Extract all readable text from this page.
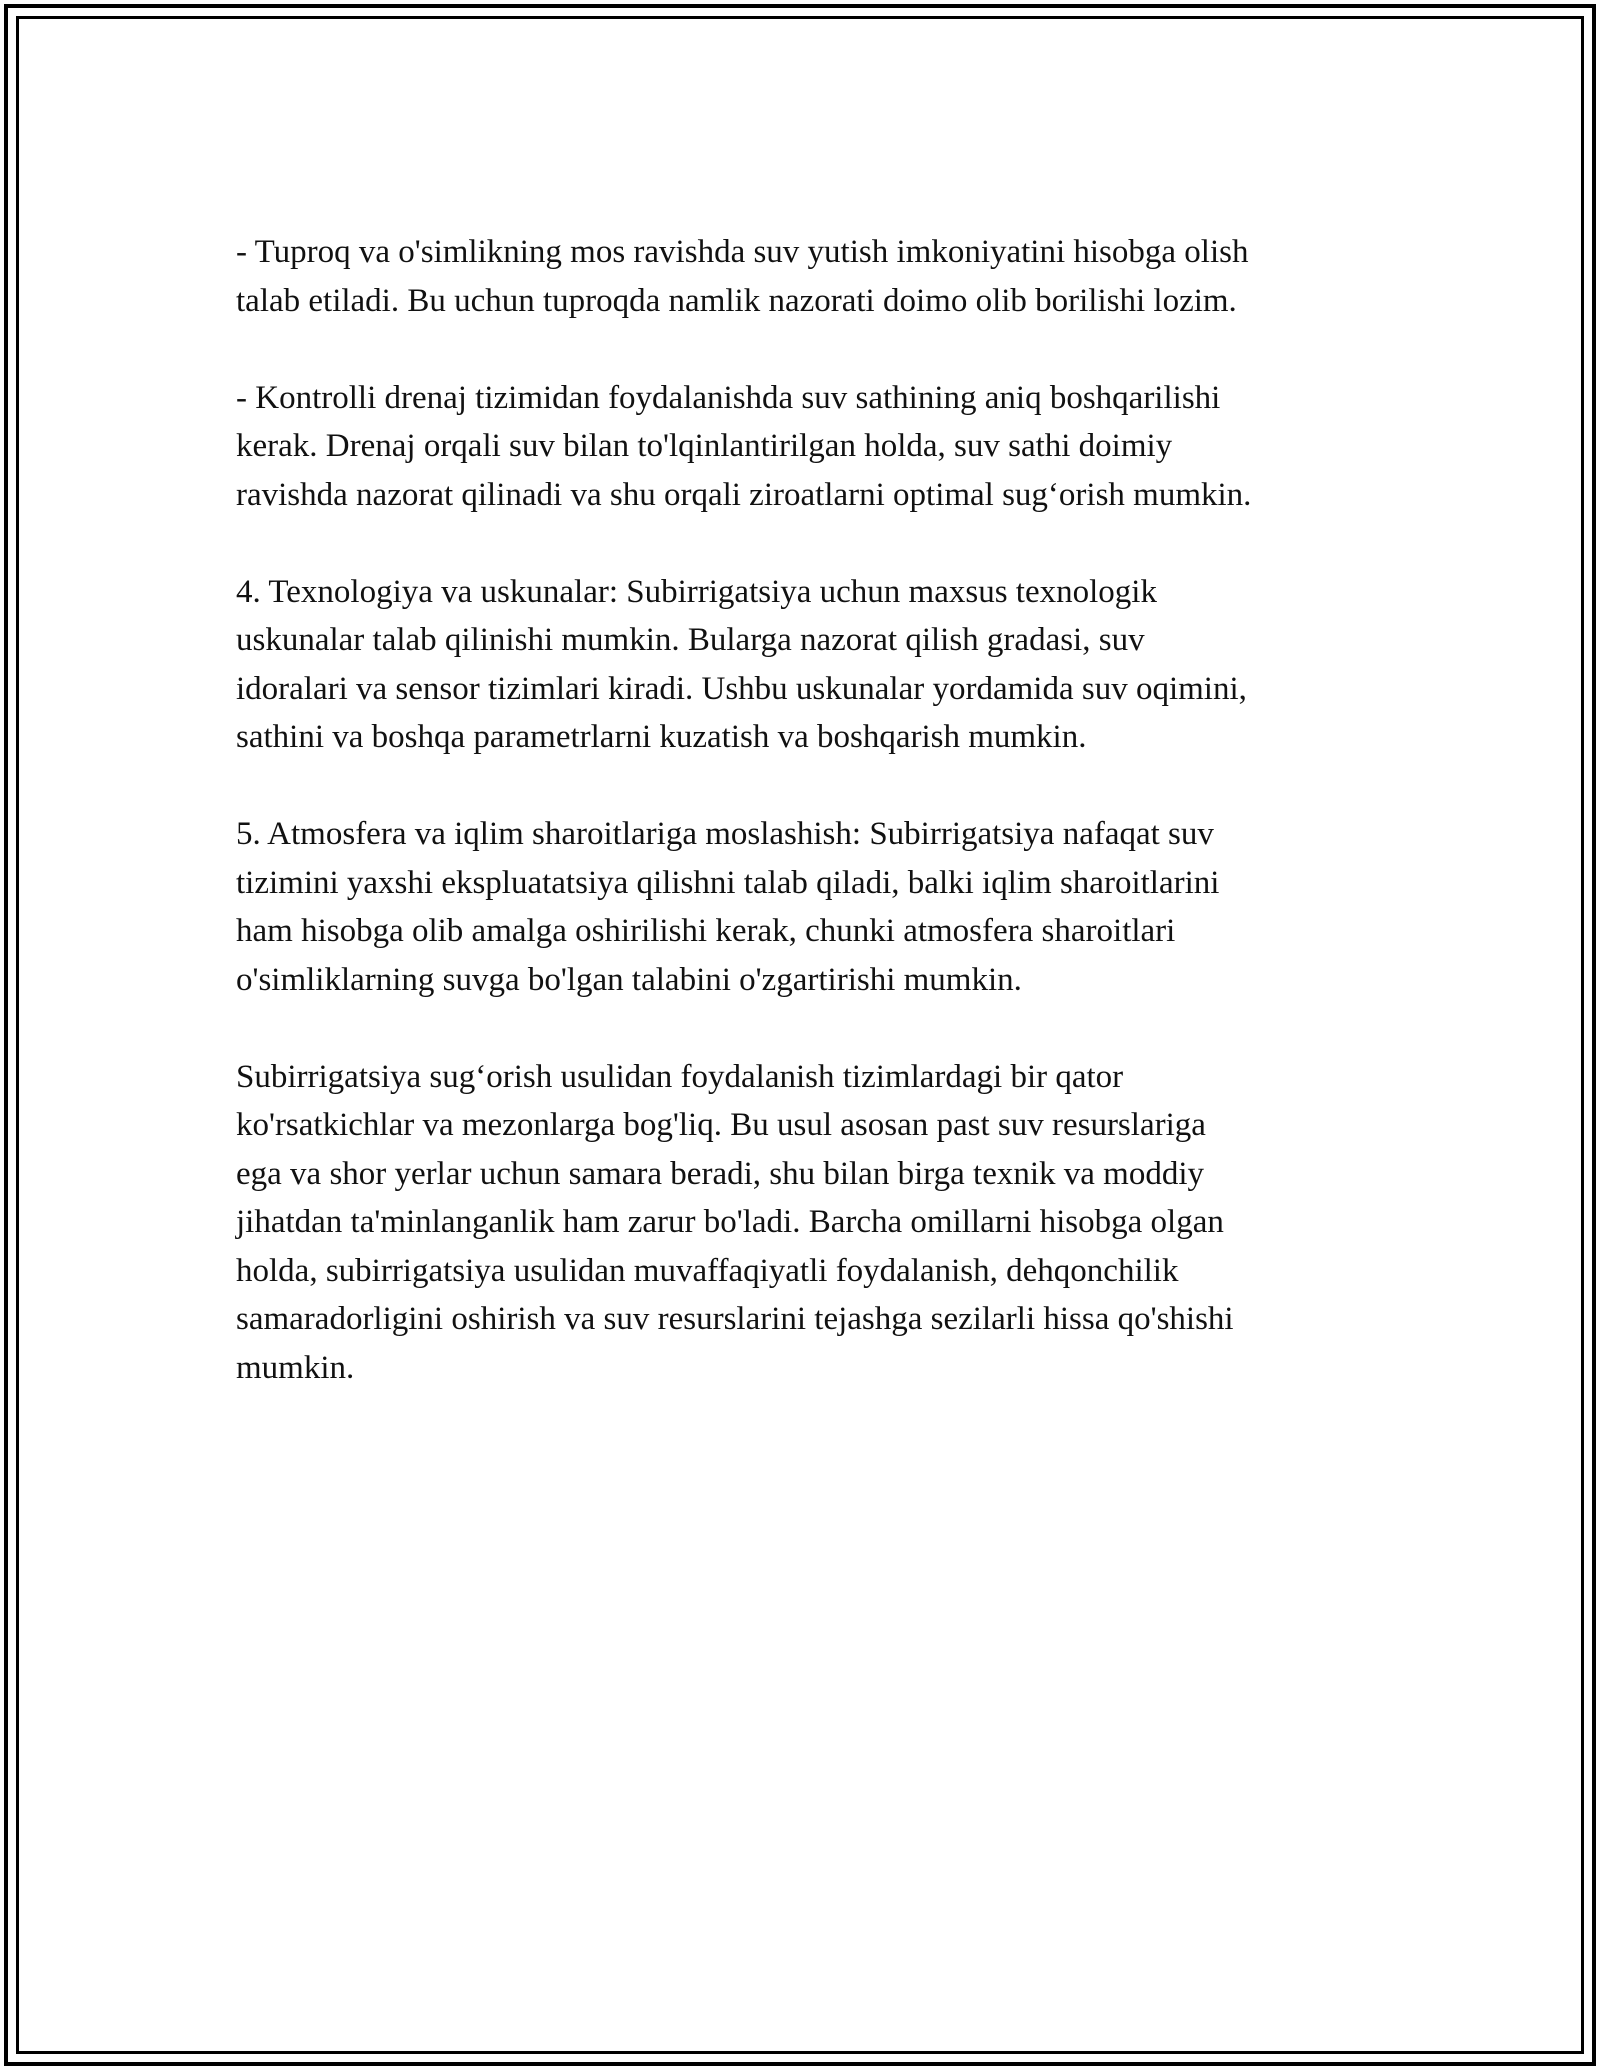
- Tuproq va o'simlikning mos ravishda suv yutish imkoniyatini hisobga olish
talab etiladi. Bu uchun tuproqda namlik nazorati doimo olib borilishi lozim.

- Kontrolli drenaj tizimidan foydalanishda suv sathining aniq boshqarilishi
kerak. Drenaj orqali suv bilan to'lqinlantirilgan holda, suv sathi doimiy
ravishda nazorat qilinadi va shu orqali ziroatlarni optimal sug‘orish mumkin.

4. Texnologiya va uskunalar: Subirrigatsiya uchun maxsus texnologik
uskunalar talab qilinishi mumkin. Bularga nazorat qilish gradasi, suv
idoralari va sensor tizimlari kiradi. Ushbu uskunalar yordamida suv oqimini,
sathini va boshqa parametrlarni kuzatish va boshqarish mumkin.

5. Atmosfera va iqlim sharoitlariga moslashish: Subirrigatsiya nafaqat suv
tizimini yaxshi ekspluatatsiya qilishni talab qiladi, balki iqlim sharoitlarini
ham hisobga olib amalga oshirilishi kerak, chunki atmosfera sharoitlari
o'simliklarning suvga bo'lgan talabini o'zgartirishi mumkin.

Subirrigatsiya sug‘orish usulidan foydalanish tizimlardagi bir qator
ko'rsatkichlar va mezonlarga bog'liq. Bu usul asosan past suv resurslariga
ega va shor yerlar uchun samara beradi, shu bilan birga texnik va moddiy
jihatdan ta'minlanganlik ham zarur bo'ladi. Barcha omillarni hisobga olgan
holda, subirrigatsiya usulidan muvaffaqiyatli foydalanish, dehqonchilik
samaradorligini oshirish va suv resurslarini tejashga sezilarli hissa qo'shishi
mumkin.
